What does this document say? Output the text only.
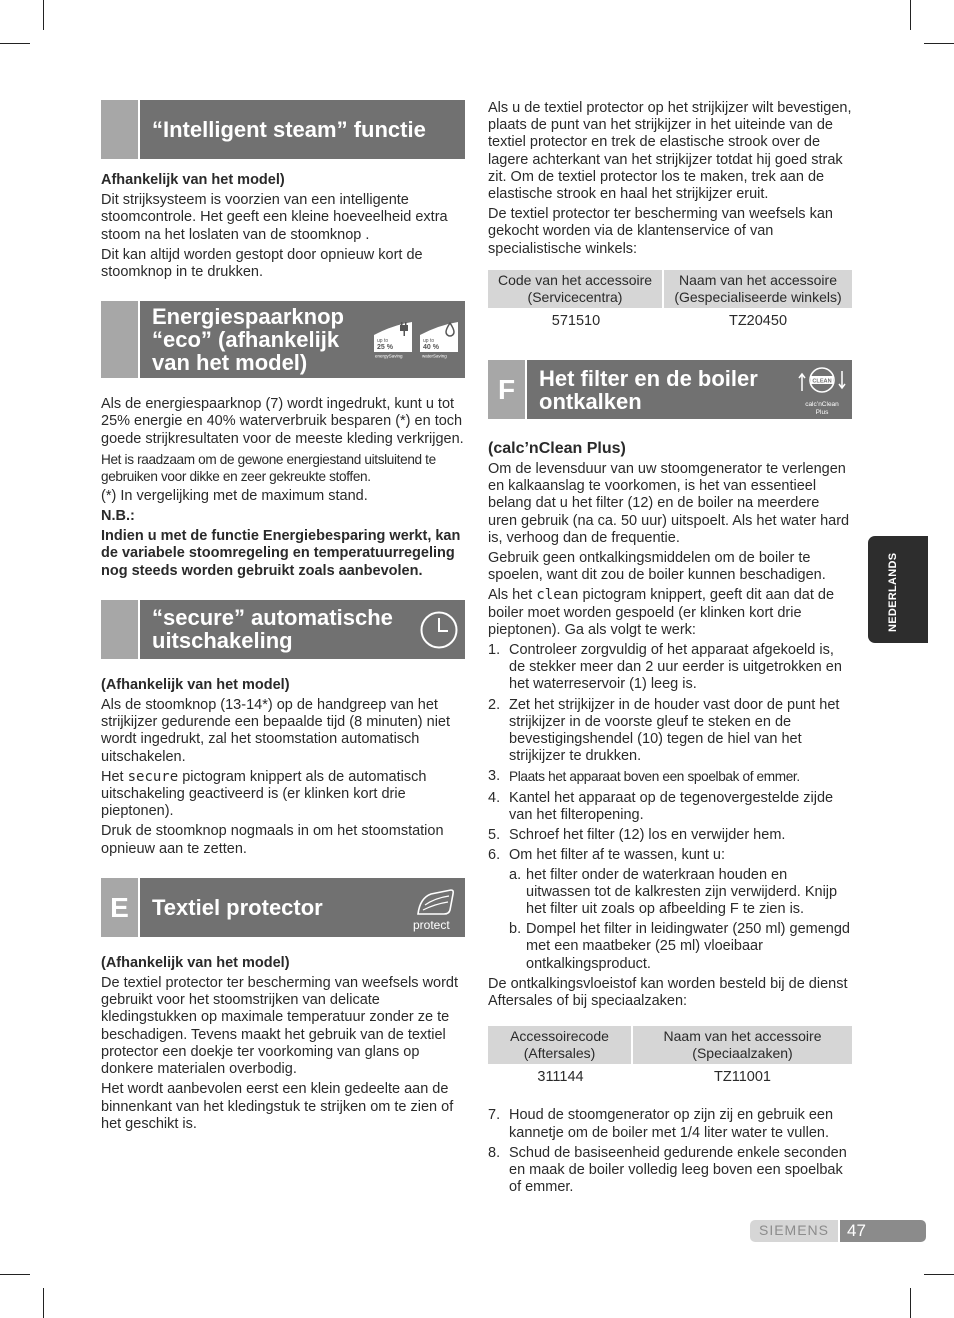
“Intelligent steam” functie

Afhankelijk van het model)

Dit strijksysteem is voorzien van een intelligente stoomcontrole. Het geeft een kleine hoeveelheid extra stoom na het loslaten van de stoomknop .

Dit kan altijd worden gestopt door opnieuw kort de stoomknop in te drukken.

Energiespaarknop
“eco” (afhankelijk
van het model)
up to
25 %
energySaving
up to
40 %
waterSaving

Als de energiespaarknop (7) wordt ingedrukt, kunt u tot 25% energie en 40% waterverbruik besparen (*) en toch goede strijkresultaten voor de meeste kleding verkrijgen.

Het is raadzaam om de gewone energiestand uitsluitend te gebruiken voor dikke en zeer gekreukte stoffen.

(*) In vergelijking met de maximum stand.

N.B.:

Indien u met de functie Energiebesparing werkt, kan de variabele stoomregeling en temperatuurregeling nog steeds worden gebruikt zoals aanbevolen.

“secure” automatische
uitschakeling

(Afhankelijk van het model)

Als de stoomknop (13-14*) op de handgreep van het strijkijzer gedurende een bepaalde tijd (8 minuten) niet wordt ingedrukt, zal het stoomstation automatisch uitschakelen.

Het secure pictogram knippert als de automatisch uitschakeling geactiveerd is (er klinken kort drie pieptonen).

Druk de stoomknop nogmaals in om het stoomstation opnieuw aan te zetten.

E	Textiel protector
protect

(Afhankelijk van het model)

De textiel protector ter bescherming van weefsels wordt gebruikt voor het stoomstrijken van delicate kledingstukken op maximale temperatuur zonder ze te beschadigen. Tevens maakt het gebruik van de textiel protector een doekje ter voorkoming van glans op donkere materialen overbodig.

Het wordt aanbevolen eerst een klein gedeelte aan de binnenkant van het kledingstuk te strijken om te zien of het geschikt is.

Als u de textiel protector op het strijkijzer wilt bevestigen, plaats de punt van het strijkijzer in het uiteinde van de textiel protector en trek de elastische strook over de lagere achterkant van het strijkijzer totdat hij goed strak zit. Om de textiel protector los te maken, trek aan de elastische strook en haal het strijkijzer eruit.

De textiel protector ter bescherming van weefsels kan gekocht worden via de klantenservice of van specialistische winkels:

Code van het accessoire (Servicecentra)	Naam van het accessoire (Gespecialiseerde winkels)
571510	TZ20450
F	Het filter en de boiler
ontkalken
CLEAN
calc’nClean
Plus

(calc’nClean Plus)

Om de levensduur van uw stoomgenerator te verlengen en kalkaanslag te voorkomen, is het van essentieel belang dat u het filter (12) en de boiler na meerdere uren gebruik (na ca. 50 uur) uitspoelt. Als het water hard is, verhoog dan de frequentie.

Gebruik geen ontkalkingsmiddelen om de boiler te spoelen, want dit zou de boiler kunnen beschadigen.

Als het clean pictogram knippert, geeft dit aan dat de boiler moet worden gespoeld (er klinken kort drie pieptonen). Ga als volgt te werk:

1. Controleer zorgvuldig of het apparaat afgekoeld is, de stekker meer dan 2 uur eerder is uitgetrokken en het waterreservoir (1) leeg is.
2. Zet het strijkijzer in de houder vast door de punt het strijkijzer in de voorste gleuf te steken en de bevestigingshendel (10) tegen de hiel van het strijkijzer te drukken.
3. Plaats het apparaat boven een spoelbak of emmer.
4. Kantel het apparaat op de tegenovergestelde zijde van het filteropening.
5. Schroef het filter (12) los en verwijder hem.
6. Om het filter af te wassen, kunt u:
a. het filter onder de waterkraan houden en uitwassen tot de kalkresten zijn verwijderd. Knijp het filter uit zoals op afbeelding F te zien is.
b. Dompel het filter in leidingwater (250 ml) gemengd met een maatbeker (25 ml) vloeibaar ontkalkingsproduct.

De ontkalkingsvloeistof kan worden besteld bij de dienst Aftersales of bij speciaalzaken:

Accessoirecode (Aftersales)	Naam van het accessoire (Speciaalzaken)
311144	TZ11001
7. Houd de stoomgenerator op zijn zij en gebruik een kannetje om de boiler met 1/4 liter water te vullen.
8. Schud de basiseenheid gedurende enkele seconden en maak de boiler volledig leeg boven een spoelbak of emmer.
NEDERLANDS
SIEMENS	47
